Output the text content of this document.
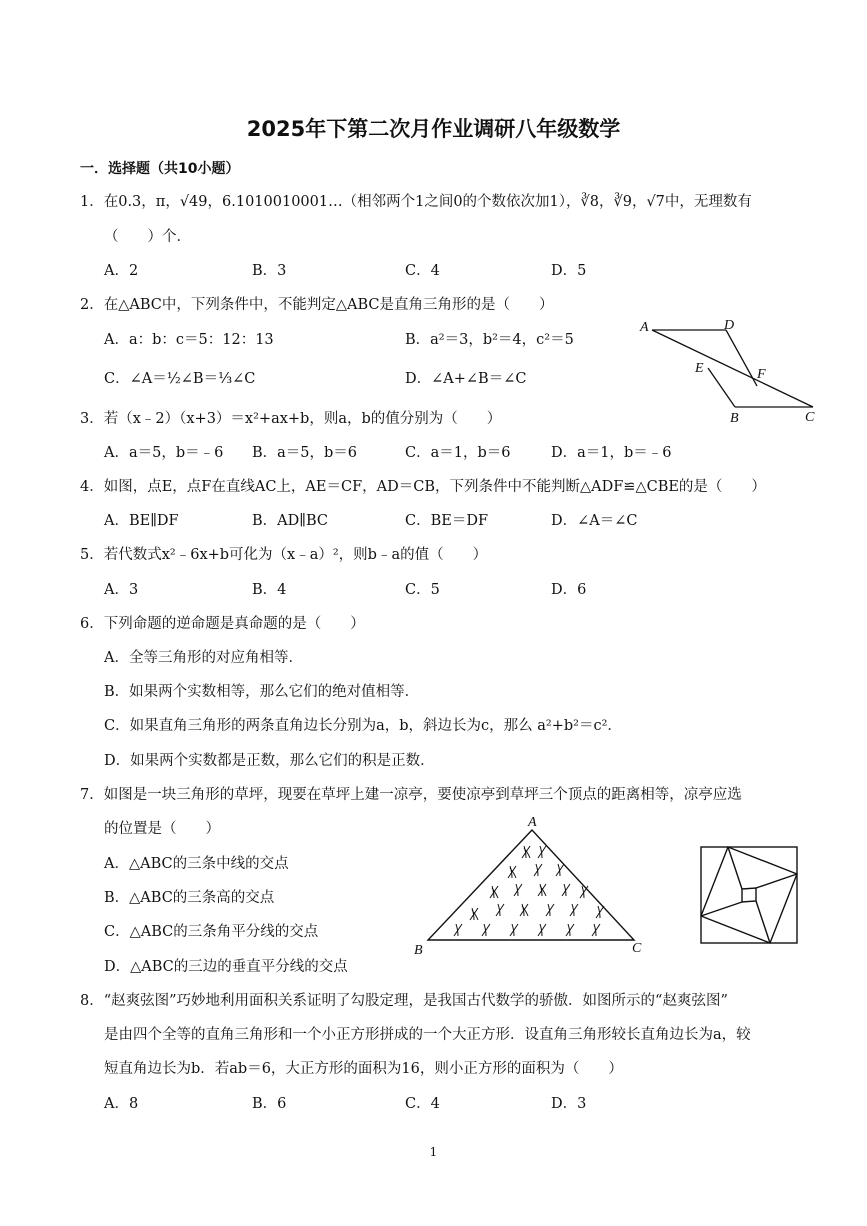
2025年下第二次月作业调研八年级数学
一．选择题（共10小题）
1．在0.3，π，√49，6.1010010001…（相邻两个1之间0的个数依次加1），∛8，∛9，√7中，无理数有
（　　）个．
A．2	B．3	C．4	D．5
2．在△ABC中，下列条件中，不能判定△ABC是直角三角形的是（　　）
A．a：b：c＝5：12：13	B．a²＝3，b²＝4，c²＝5
C．∠A＝½∠B＝⅓∠C	D．∠A+∠B＝∠C
A	D
E	F
B	C
3．若（x﹣2）（x+3）＝x²+ax+b，则a，b的值分别为（　　）
A．a＝5，b＝﹣6 B．a＝5，b＝6	C．a＝1，b＝6	D．a＝1，b＝﹣6
4．如图，点E，点F在直线AC上，AE＝CF，AD＝CB，下列条件中不能判断△ADF≌△CBE的是（　　）
A．BE∥DF	B．AD∥BC	C．BE＝DF	D．∠A＝∠C
5．若代数式x²﹣6x+b可化为（x﹣a）²，则b﹣a的值（　　）
A．3	B．4	C．5	D．6
6．下列命题的逆命题是真命题的是（　　）
A．全等三角形的对应角相等．
B．如果两个实数相等，那么它们的绝对值相等．
C．如果直角三角形的两条直角边长分别为a，b，斜边长为c，那么 a²+b²＝c²．
D．如果两个实数都是正数，那么它们的积是正数．
7．如图是一块三角形的草坪，现要在草坪上建一凉亭，要使凉亭到草坪三个顶点的距离相等，凉亭应选
的位置是（　　）
A．△ABC的三条中线的交点
B．△ABC的三条高的交点
C．△ABC的三条角平分线的交点
D．△ABC的三边的垂直平分线的交点
A
B	C
8．“赵爽弦图”巧妙地利用面积关系证明了勾股定理，是我国古代数学的骄傲．如图所示的“赵爽弦图”
是由四个全等的直角三角形和一个小正方形拼成的一个大正方形．设直角三角形较长直角边长为a，较
短直角边长为b．若ab＝6，大正方形的面积为16，则小正方形的面积为（　　）
A．8	B．6	C．4	D．3
1
